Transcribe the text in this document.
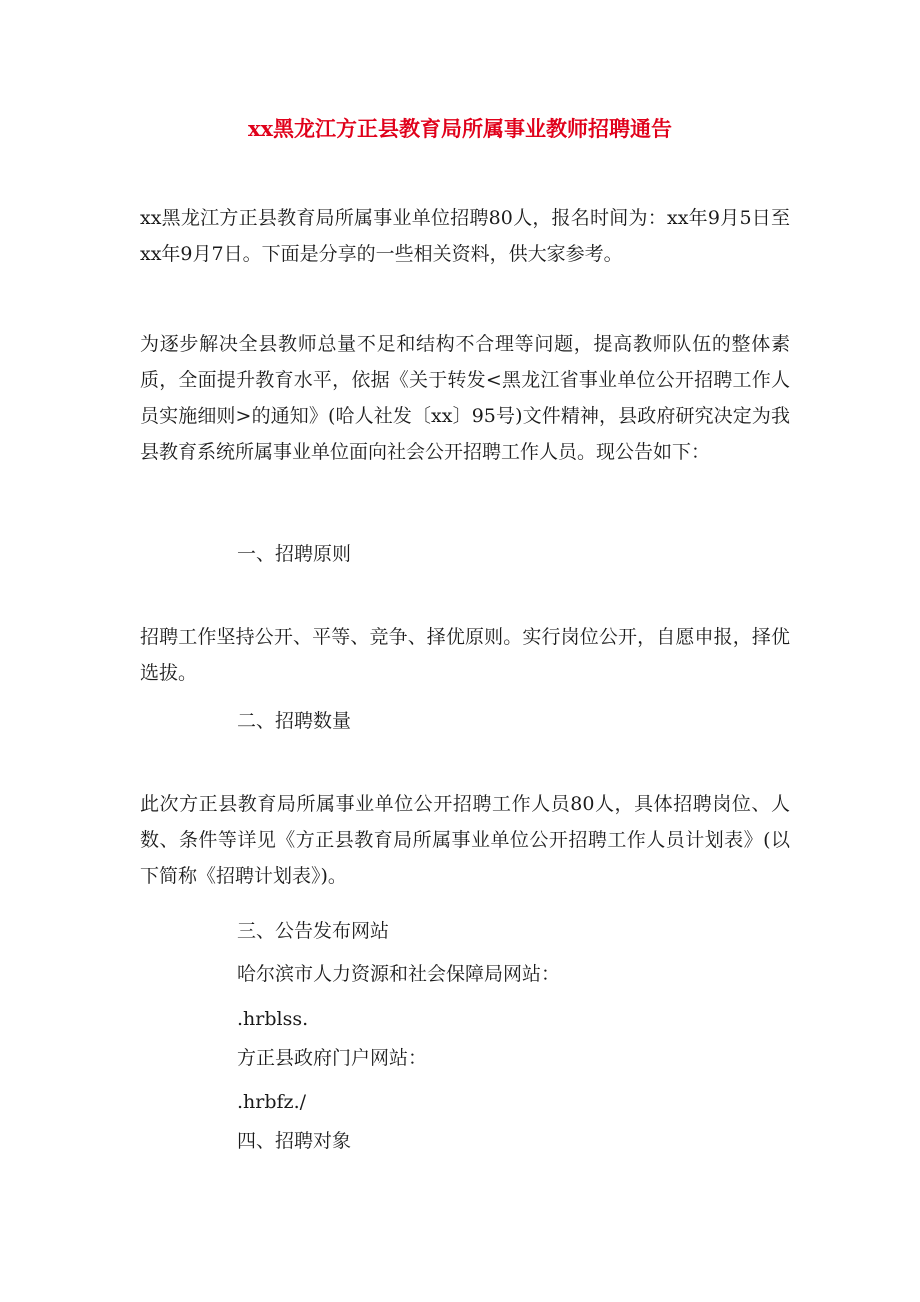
xx黑龙江方正县教育局所属事业教师招聘通告

xx黑龙江方正县教育局所属事业单位招聘80人，报名时间为：xx年9月5日至xx年9月7日。下面是分享的一些相关资料，供大家参考。

为逐步解决全县教师总量不足和结构不合理等问题，提高教师队伍的整体素质，全面提升教育水平，依据《关于转发<黑龙江省事业单位公开招聘工作人员实施细则>的通知》(哈人社发〔xx〕95号)文件精神，县政府研究决定为我县教育系统所属事业单位面向社会公开招聘工作人员。现公告如下：

一、招聘原则

招聘工作坚持公开、平等、竞争、择优原则。实行岗位公开，自愿申报，择优选拔。

二、招聘数量

此次方正县教育局所属事业单位公开招聘工作人员80人，具体招聘岗位、人数、条件等详见《方正县教育局所属事业单位公开招聘工作人员计划表》(以下简称《招聘计划表》)。

三、公告发布网站
哈尔滨市人力资源和社会保障局网站：
.hrblss.
方正县政府门户网站：
.hrbfz./
四、招聘对象
